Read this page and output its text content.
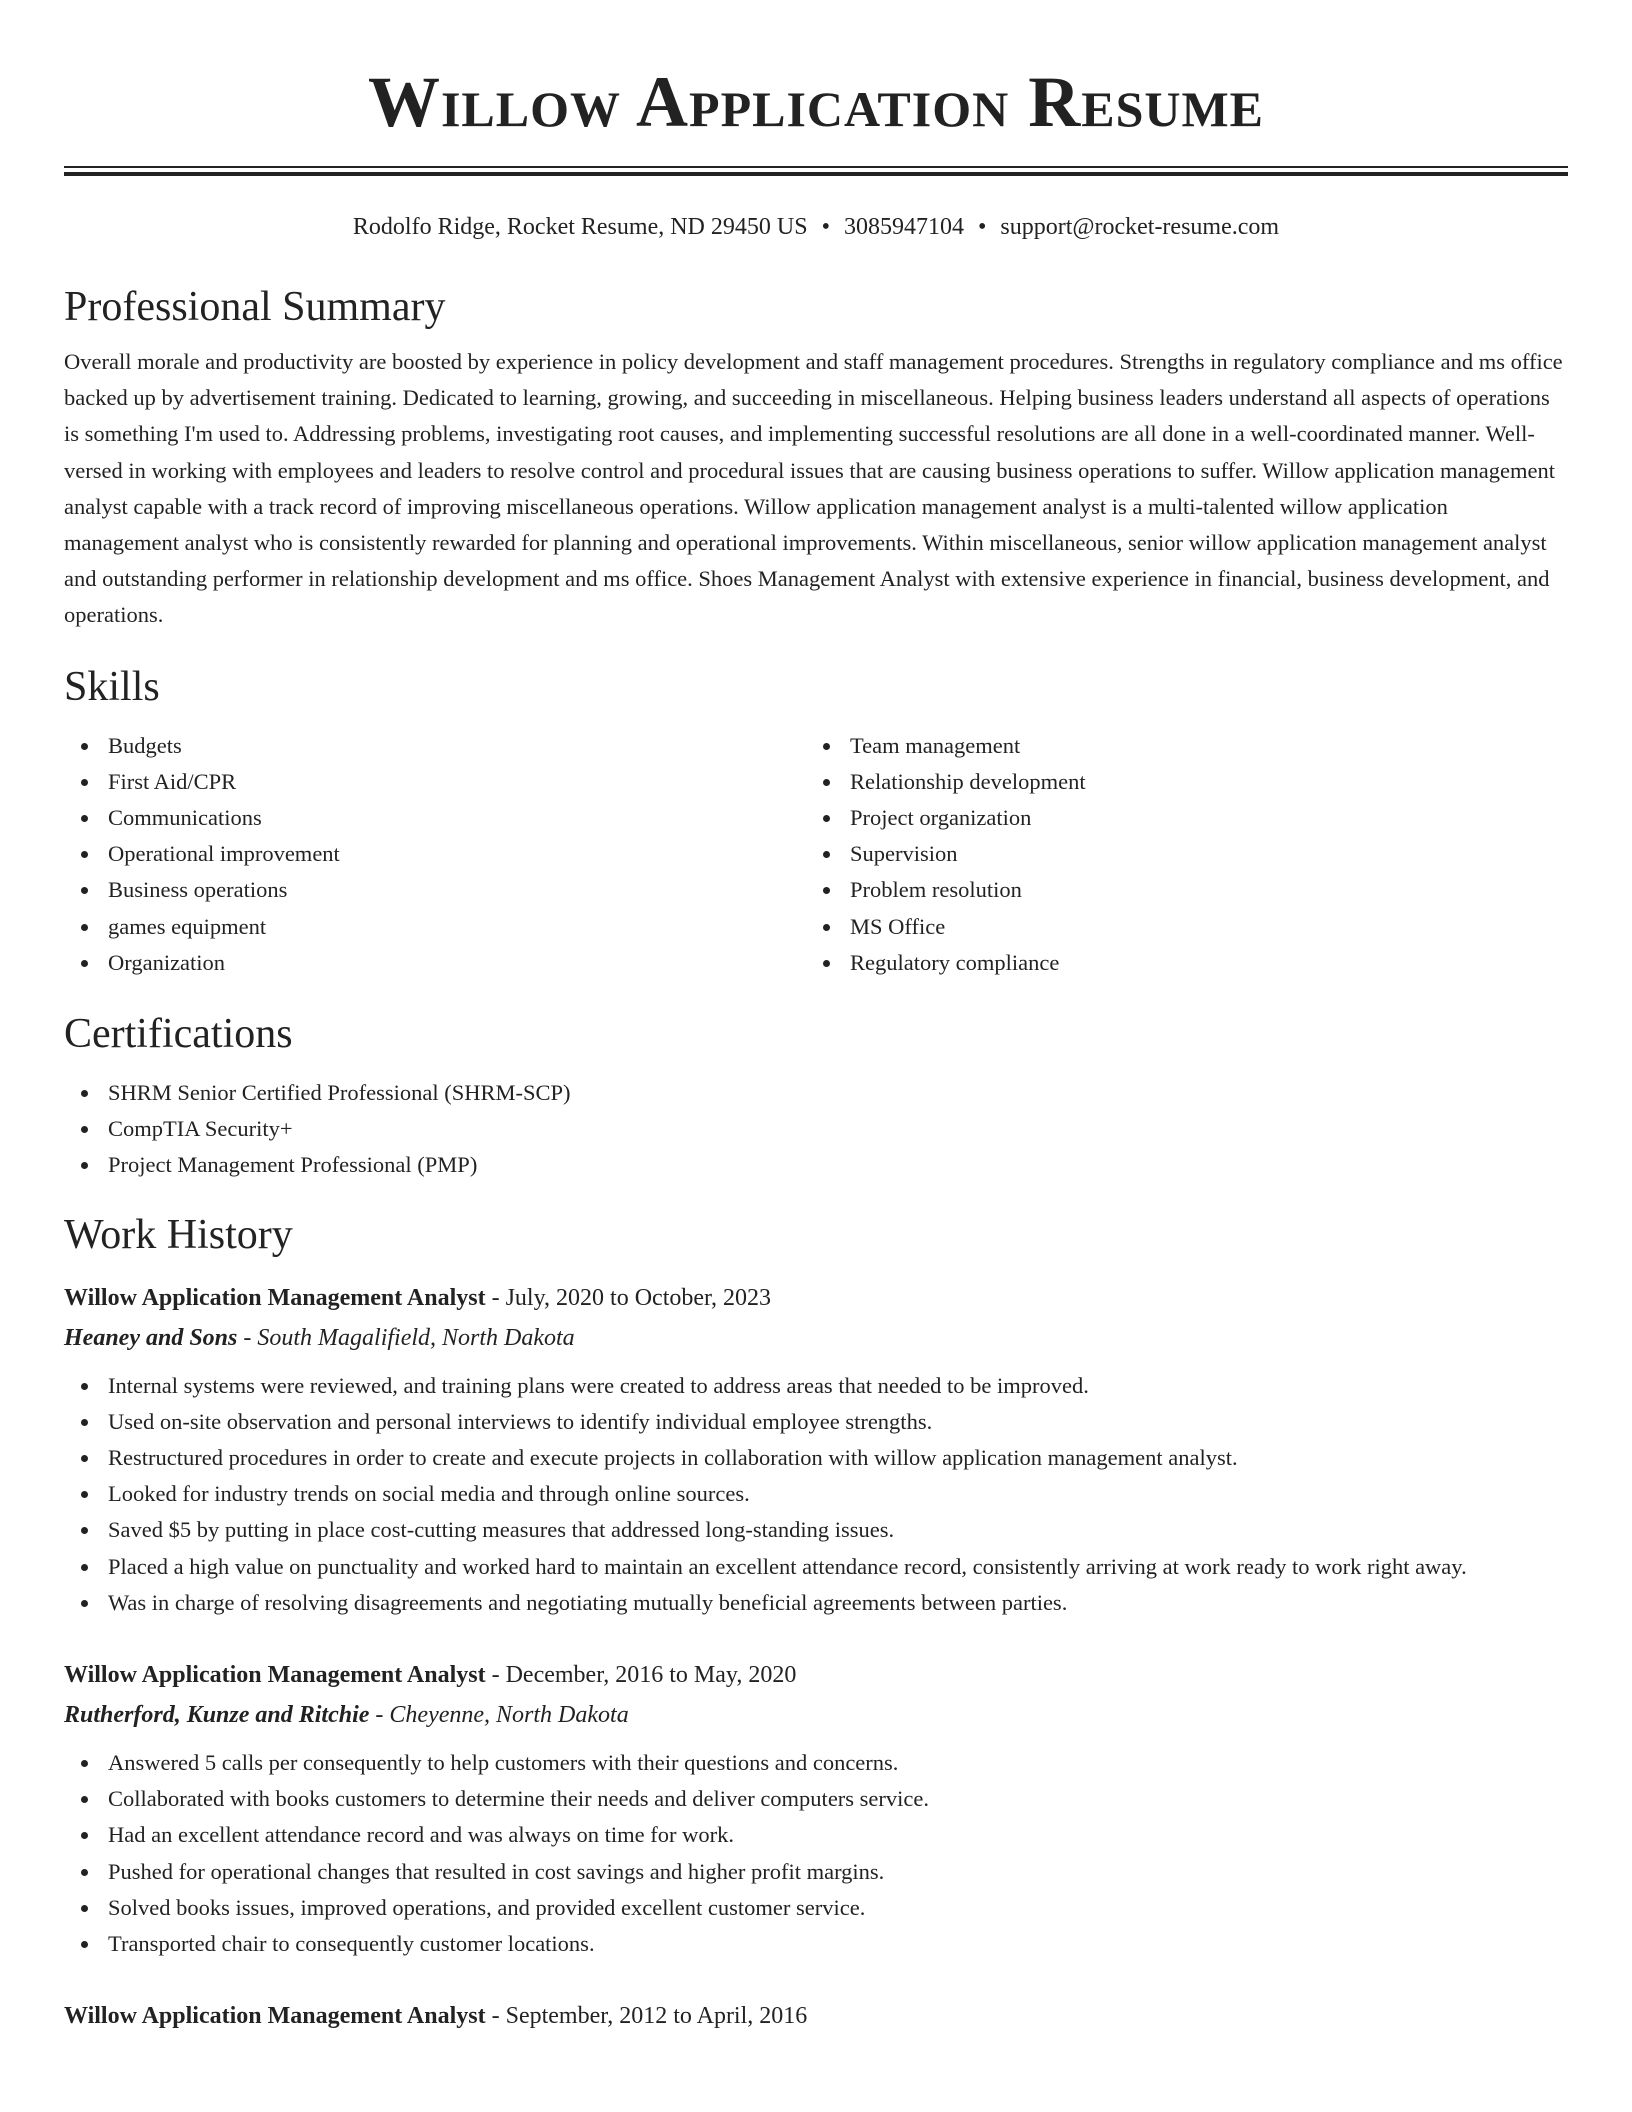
Willow Application Resume
Rodolfo Ridge, Rocket Resume, ND 29450 US • 3085947104 • support@rocket-resume.com
Professional Summary

Overall morale and productivity are boosted by experience in policy development and staff management procedures. Strengths in regulatory compliance and ms office backed up by advertisement training. Dedicated to learning, growing, and succeeding in miscellaneous. Helping business leaders understand all aspects of operations is something I'm used to. Addressing problems, investigating root causes, and implementing successful resolutions are all done in a well-coordinated manner. Well-versed in working with employees and leaders to resolve control and procedural issues that are causing business operations to suffer. Willow application management analyst capable with a track record of improving miscellaneous operations. Willow application management analyst is a multi-talented willow application management analyst who is consistently rewarded for planning and operational improvements. Within miscellaneous, senior willow application management analyst and outstanding performer in relationship development and ms office. Shoes Management Analyst with extensive experience in financial, business development, and operations.

Skills
Budgets
First Aid/CPR
Communications
Operational improvement
Business operations
games equipment
Organization
Team management
Relationship development
Project organization
Supervision
Problem resolution
MS Office
Regulatory compliance
Certifications
SHRM Senior Certified Professional (SHRM-SCP)
CompTIA Security+
Project Management Professional (PMP)
Work History
Willow Application Management Analyst - July, 2020 to October, 2023
Heaney and Sons - South Magalifield, North Dakota
Internal systems were reviewed, and training plans were created to address areas that needed to be improved.
Used on-site observation and personal interviews to identify individual employee strengths.
Restructured procedures in order to create and execute projects in collaboration with willow application management analyst.
Looked for industry trends on social media and through online sources.
Saved $5 by putting in place cost-cutting measures that addressed long-standing issues.
Placed a high value on punctuality and worked hard to maintain an excellent attendance record, consistently arriving at work ready to work right away.
Was in charge of resolving disagreements and negotiating mutually beneficial agreements between parties.
Willow Application Management Analyst - December, 2016 to May, 2020
Rutherford, Kunze and Ritchie - Cheyenne, North Dakota
Answered 5 calls per consequently to help customers with their questions and concerns.
Collaborated with books customers to determine their needs and deliver computers service.
Had an excellent attendance record and was always on time for work.
Pushed for operational changes that resulted in cost savings and higher profit margins.
Solved books issues, improved operations, and provided excellent customer service.
Transported chair to consequently customer locations.
Willow Application Management Analyst - September, 2012 to April, 2016
